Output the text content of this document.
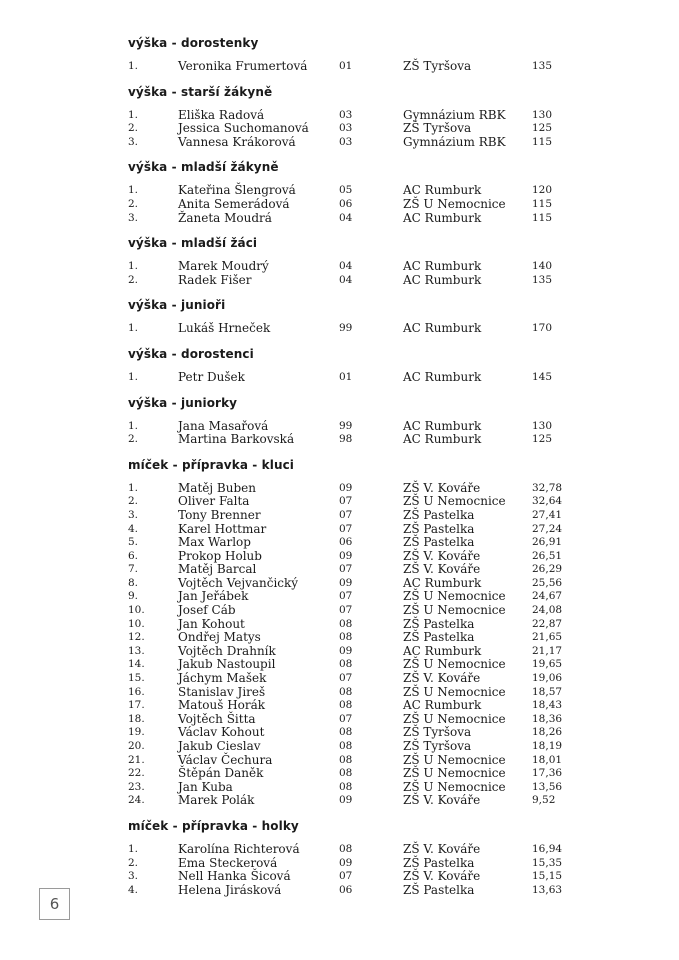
výška - dorostenky
1.	Veronika Frumertová	01	ZŠ Tyršova	135
výška - starší žákyně
1.	Eliška Radová	03	Gymnázium RBK	130
2.	Jessica Suchomanová	03	ZŠ Tyršova	125
3.	Vannesa Krákorová	03	Gymnázium RBK	115
výška - mladší žákyně
1.	Kateřina Šlengrová	05	AC Rumburk	120
2.	Anita Semerádová	06	ZŠ U Nemocnice	115
3.	Žaneta Moudrá	04	AC Rumburk	115
výška - mladší žáci
1.	Marek Moudrý	04	AC Rumburk	140
2.	Radek Fišer	04	AC Rumburk	135
výška - junioři
1.	Lukáš Hrneček	99	AC Rumburk	170
výška - dorostenci
1.	Petr Dušek	01	AC Rumburk	145
výška - juniorky
1.	Jana Masařová	99	AC Rumburk	130
2.	Martina Barkovská	98	AC Rumburk	125
míček - přípravka - kluci
1.	Matěj Buben	09	ZŠ V. Kováře	32,78
2.	Oliver Falta	07	ZŠ U Nemocnice	32,64
3.	Tony Brenner	07	ZŠ Pastelka	27,41
4.	Karel Hottmar	07	ZŠ Pastelka	27,24
5.	Max Warlop	06	ZŠ Pastelka	26,91
6.	Prokop Holub	09	ZŠ V. Kováře	26,51
7.	Matěj Barcal	07	ZŠ V. Kováře	26,29
8.	Vojtěch Vejvančický	09	AC Rumburk	25,56
9.	Jan Jeřábek	07	ZŠ U Nemocnice	24,67
10.	Josef Cáb	07	ZŠ U Nemocnice	24,08
10.	Jan Kohout	08	ZŠ Pastelka	22,87
12.	Ondřej Matys	08	ZŠ Pastelka	21,65
13.	Vojtěch Drahník	09	AC Rumburk	21,17
14.	Jakub Nastoupil	08	ZŠ U Nemocnice	19,65
15.	Jáchym Mašek	07	ZŠ V. Kováře	19,06
16.	Stanislav Jireš	08	ZŠ U Nemocnice	18,57
17.	Matouš Horák	08	AC Rumburk	18,43
18.	Vojtěch Šitta	07	ZŠ U Nemocnice	18,36
19.	Václav Kohout	08	ZŠ Tyršova	18,26
20.	Jakub Cieslav	08	ZŠ Tyršova	18,19
21.	Václav Čechura	08	ZŠ U Nemocnice	18,01
22.	Štěpán Daněk	08	ZŠ U Nemocnice	17,36
23.	Jan Kuba	08	ZŠ U Nemocnice	13,56
24.	Marek Polák	09	ZŠ V. Kováře	9,52
míček - přípravka - holky
1.	Karolína Richterová	08	ZŠ V. Kováře	16,94
2.	Ema Steckerová	09	ZŠ Pastelka	15,35
3.	Nell Hanka Šicová	07	ZŠ V. Kováře	15,15
4.	Helena Jirásková	06	ZŠ Pastelka	13,63
6
